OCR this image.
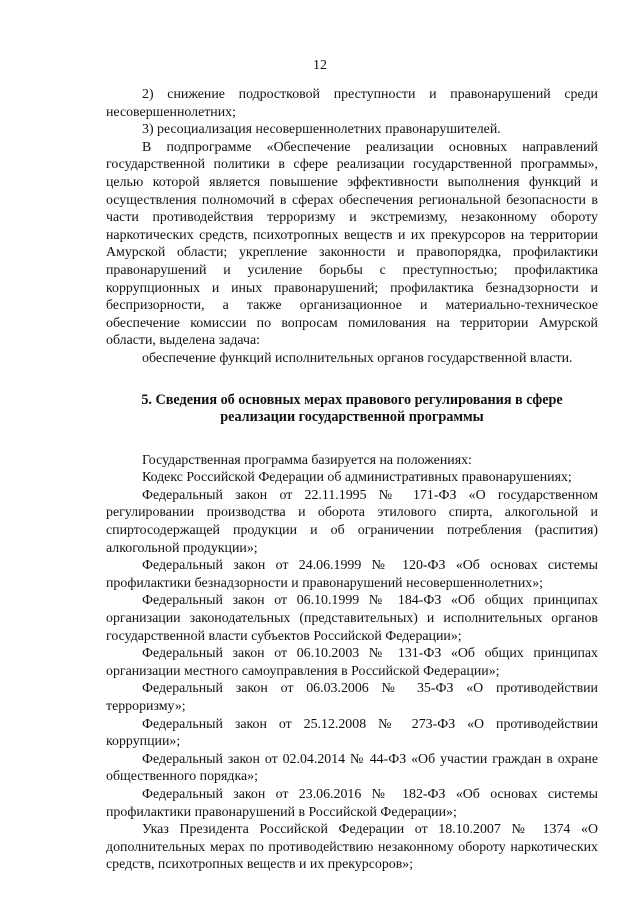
12

2) снижение подростковой преступности и правонарушений среди несовершеннолетних;

3) ресоциализация несовершеннолетних правонарушителей.

В подпрограмме «Обеспечение реализации основных направлений государственной политики в сфере реализации государственной программы», целью которой является повышение эффективности выполнения функций и осуществления полномочий в сферах обеспечения региональной безопасности в части противодействия терроризму и экстремизму, незаконному обороту наркотических средств, психотропных веществ и их прекурсоров на территории Амурской области; укрепление законности и правопорядка, профилактики правонарушений и усиление борьбы с преступностью; профилактика коррупционных и иных правонарушений; профилактика безнадзорности и беспризорности, а также организационное и материально-техническое обеспечение комиссии по вопросам помилования на территории Амурской области, выделена задача:

обеспечение функций исполнительных органов государственной власти.

5. Сведения об основных мерах правового регулирования в сфере
реализации государственной программы

Государственная программа базируется на положениях:

Кодекс Российской Федерации об административных правонарушениях;

Федеральный закон от 22.11.1995 № 171-ФЗ «О государственном регулировании производства и оборота этилового спирта, алкогольной и спиртосодержащей продукции и об ограничении потребления (распития) алкогольной продукции»;

Федеральный закон от 24.06.1999 № 120-ФЗ «Об основах системы профилактики безнадзорности и правонарушений несовершеннолетних»;

Федеральный закон от 06.10.1999 № 184-ФЗ «Об общих принципах организации законодательных (представительных) и исполнительных органов государственной власти субъектов Российской Федерации»;

Федеральный закон от 06.10.2003 № 131-ФЗ «Об общих принципах организации местного самоуправления в Российской Федерации»;

Федеральный закон от 06.03.2006 № 35-ФЗ «О противодействии терроризму»;

Федеральный закон от 25.12.2008 № 273-ФЗ «О противодействии коррупции»;

Федеральный закон от 02.04.2014 № 44-ФЗ «Об участии граждан в охране общественного порядка»;

Федеральный закон от 23.06.2016 № 182-ФЗ «Об основах системы профилактики правонарушений в Российской Федерации»;

Указ Президента Российской Федерации от 18.10.2007 № 1374 «О дополнительных мерах по противодействию незаконному обороту наркотических средств, психотропных веществ и их прекурсоров»;
